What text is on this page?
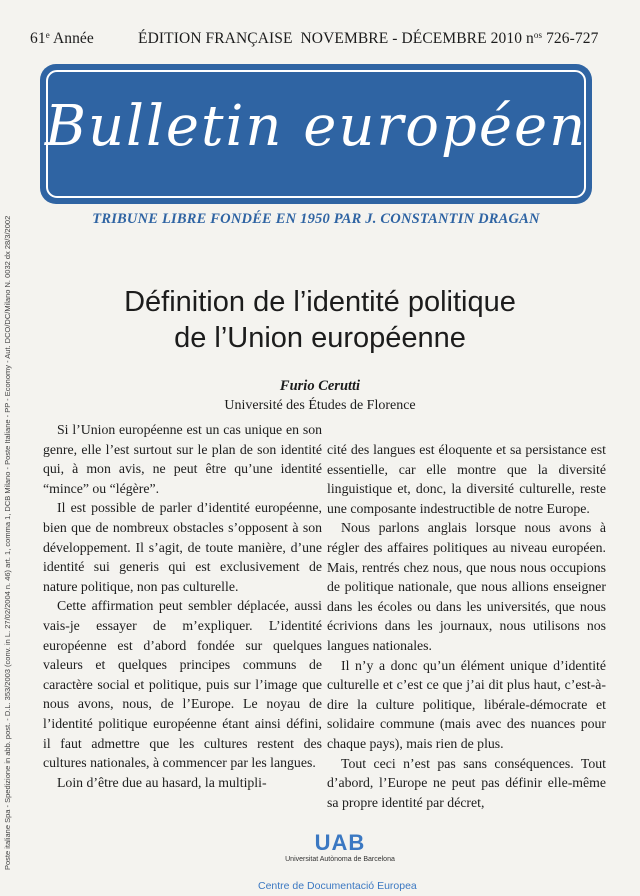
61e Année	ÉDITION FRANÇAISE  NOVEMBRE - DÉCEMBRE 2010 $n^{os}$ 726-727
Bulletin européen
TRIBUNE LIBRE FONDÉE EN 1950 PAR J. CONSTANTIN DRAGAN
Poste italiane Spa - Spedizione in abb. post. - D.L. 353/2003 (conv. in L. 27/02/2004 n. 46) art. 1, comma 1, DCB Milano - Poste Italiane - PP - Economy - Aut. DCO/DC/Milano N. 0032 dx 28/3/2002	Définition de l’identité politique
de l’Union européenne
Furio Cerutti
Université des Études de Florence

Si l’Union européenne est un cas unique en son genre, elle l’est surtout sur le plan de son identité qui, à mon avis, ne peut être qu’une identité “mince” ou “légère”.

Il est possible de parler d’identité européenne, bien que de nombreux obstacles s’opposent à son développement. Il s’agit, de toute manière, d’une identité sui generis qui est exclusivement de nature politique, non pas culturelle.

Cette affirmation peut sembler déplacée, aussi vais-je essayer de m’expliquer. L’identité européenne est d’abord fondée sur quelques valeurs et quelques principes communs de caractère social et politique, puis sur l’image que nous avons, nous, de l’Europe. Le noyau de l’identité politique européenne étant ainsi défini, il faut admettre que les cultures restent des cultures nationales, à commencer par les langues.

Loin d’être due au hasard, la multipli-

cité des langues est éloquente et sa persistance est essentielle, car elle montre que la diversité linguistique et, donc, la diversité culturelle, reste une composante indestructible de notre Europe.

Nous parlons anglais lorsque nous avons à régler des affaires politiques au niveau européen. Mais, rentrés chez nous, que nous nous occupions de politique nationale, que nous allions enseigner dans les écoles ou dans les universités, que nous écrivions dans les journaux, nous utilisons nos langues nationales.

Il n’y a donc qu’un élément unique d’identité culturelle et c’est ce que j’ai dit plus haut, c’est-à-dire la culture politique, libérale-démocrate et solidaire commune (mais avec des nuances pour chaque pays), mais rien de plus.

Tout ceci n’est pas sans conséquences. Tout d’abord, l’Europe ne peut pas définir elle-même sa propre identité par décret,

UAB
Universitat Autònoma de Barcelona
Centre de Documentació Europea
